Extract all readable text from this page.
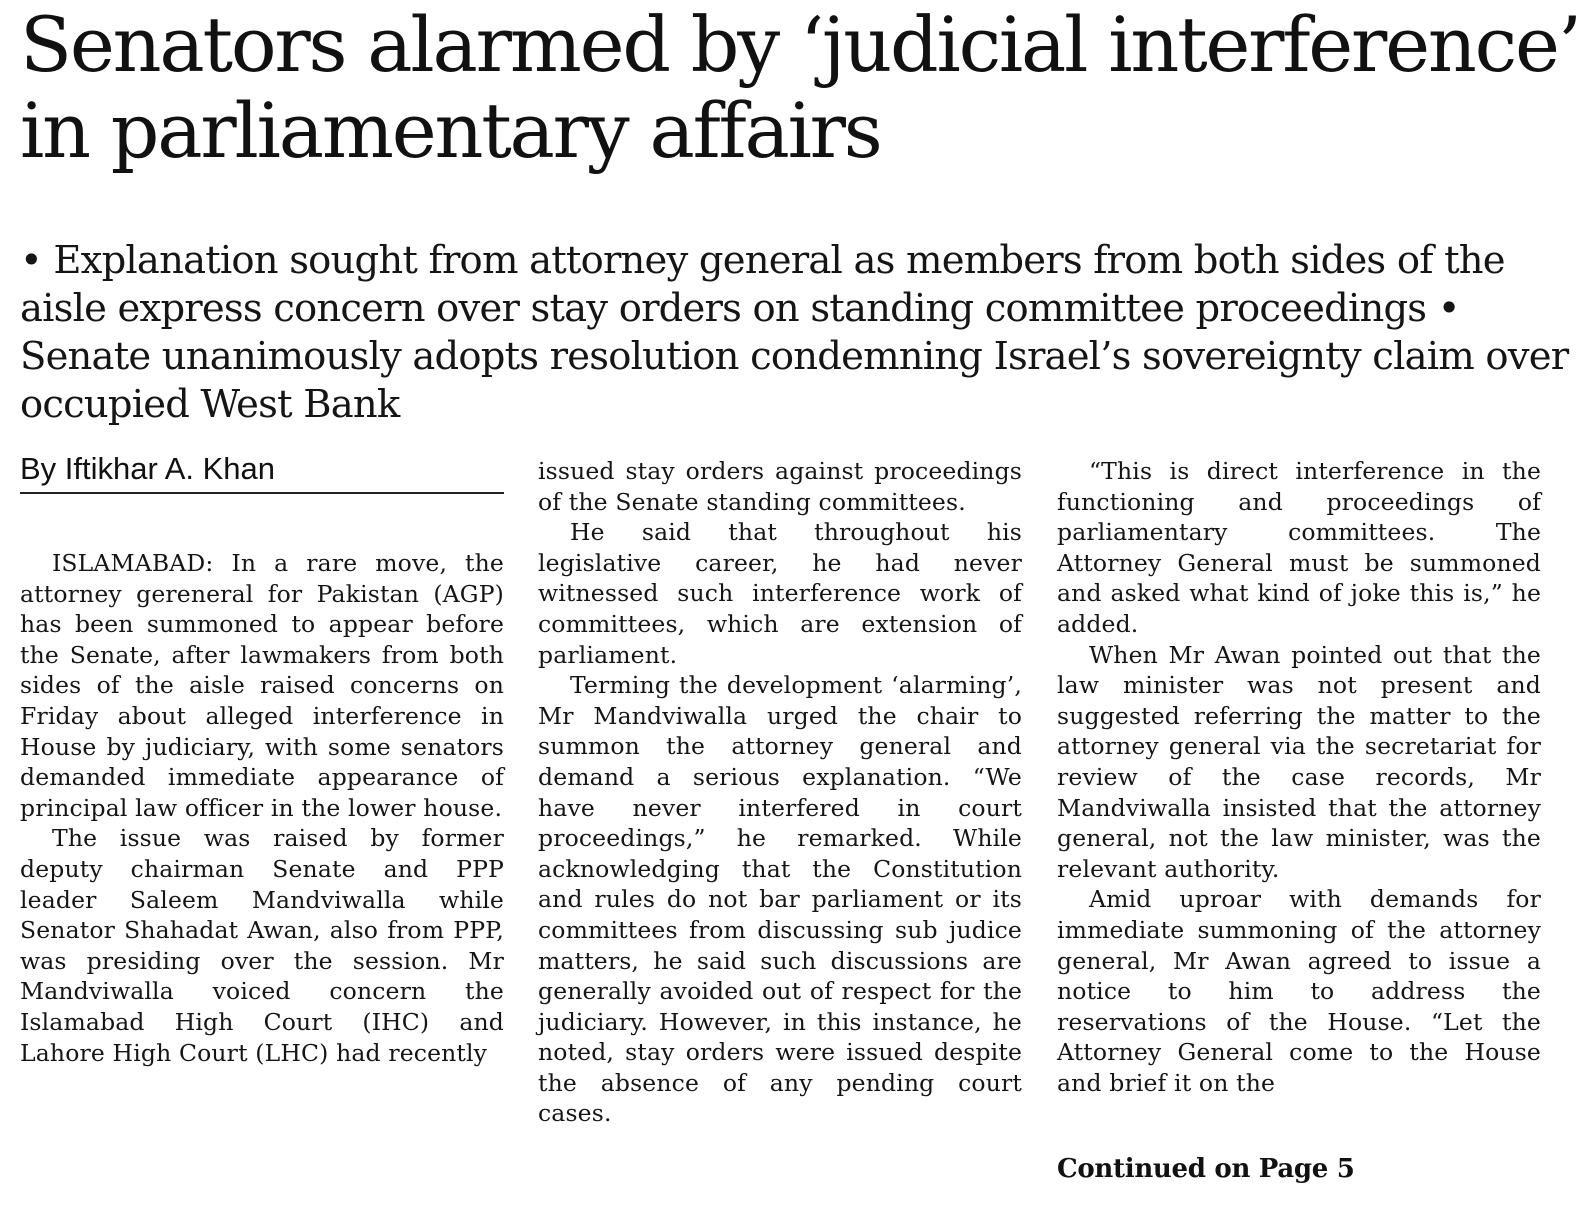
Senators alarmed by ‘judicial interference’ in parliamentary affairs

• Explanation sought from attorney general as members from both sides of the aisle express concern over stay orders on standing committee proceedings • Senate unanimously adopts resolution condemning Israel’s sovereignty claim over occupied West Bank

By Iftikhar A. Khan

ISLAMABAD: In a rare move, the attorney gereneral for Pakistan (AGP) has been summoned to appear before the Senate, after lawmakers from both sides of the aisle raised concerns on Friday about alleged interference in House by judiciary, with some senators demanded immediate appearance of principal law officer in the lower house.

The issue was raised by former deputy chairman Senate and PPP leader Saleem Mandviwalla while Senator Shahadat Awan, also from PPP, was presiding over the session. Mr Mandviwalla voiced concern the Islamabad High Court (IHC) and Lahore High Court (LHC) had recently

issued stay orders against proceedings of the Senate standing committees.

He said that throughout his legislative career, he had never witnessed such interference work of committees, which are extension of parliament.

Terming the development ‘alarming’, Mr Mandviwalla urged the chair to summon the attorney general and demand a serious explanation. “We have never interfered in court proceedings,” he remarked. While acknowledging that the Constitution and rules do not bar parliament or its committees from discussing sub judice matters, he said such discussions are generally avoided out of respect for the judiciary. However, in this instance, he noted, stay orders were issued despite the absence of any pending court cases.

“This is direct interference in the functioning and proceedings of parliamentary committees. The Attorney General must be summoned and asked what kind of joke this is,” he added.

When Mr Awan pointed out that the law minister was not present and suggested referring the matter to the attorney general via the secretariat for review of the case records, Mr Mandviwalla insisted that the attorney general, not the law minister, was the relevant authority.

Amid uproar with demands for immediate summoning of the attorney general, Mr Awan agreed to issue a notice to him to address the reservations of the House. “Let the Attorney General come to the House and brief it on the

Continued on Page 5
